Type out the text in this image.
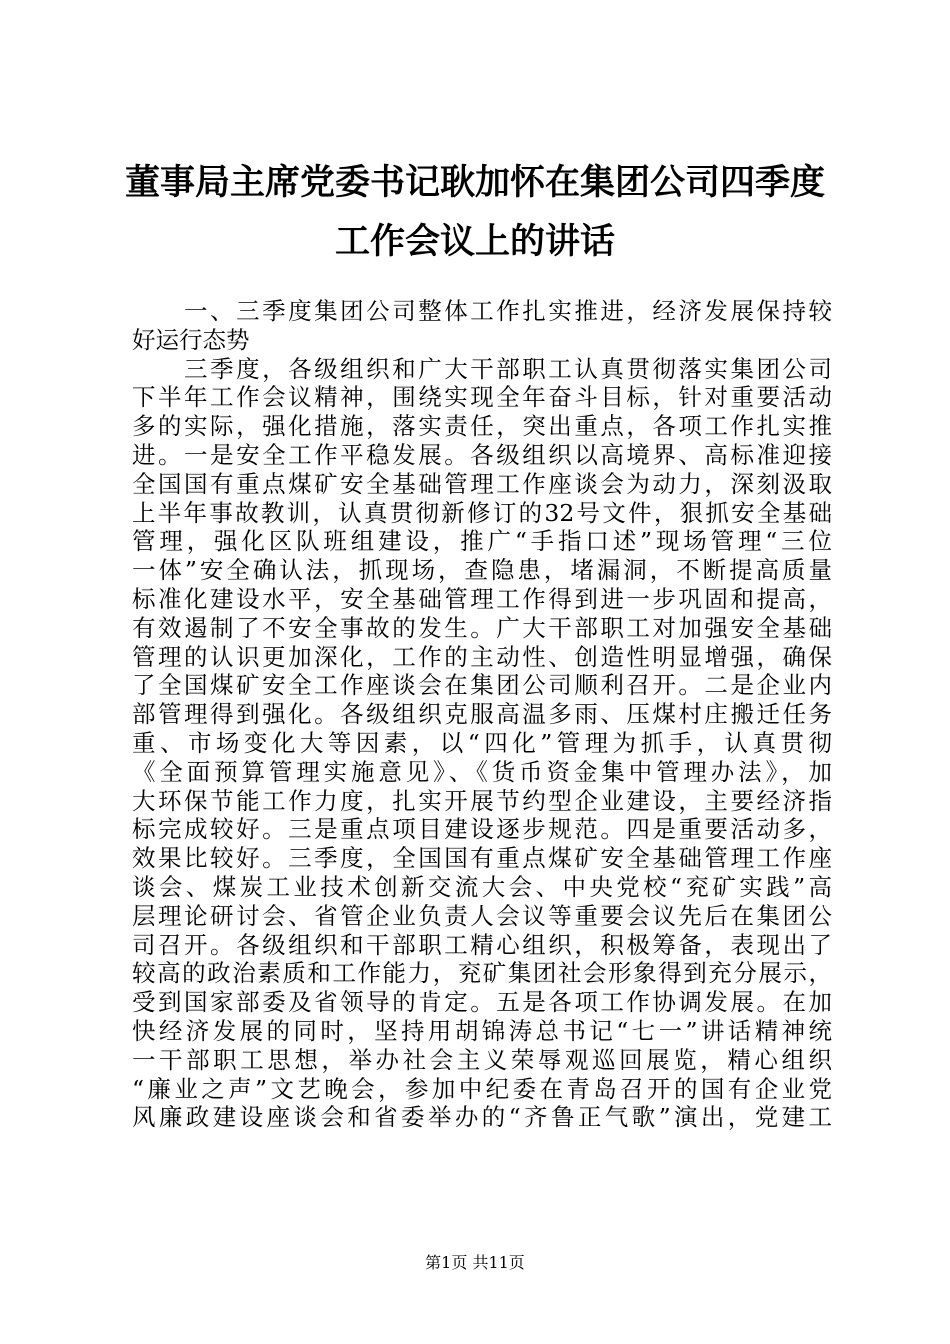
董事局主席党委书记耿加怀在集团公司四季度
工作会议上的讲话
　　一、三季度集团公司整体工作扎实推进，经济发展保持较
好运行态势
　　三季度，各级组织和广大干部职工认真贯彻落实集团公司
下半年工作会议精神，围绕实现全年奋斗目标，针对重要活动
多的实际，强化措施，落实责任，突出重点，各项工作扎实推
进。一是安全工作平稳发展。各级组织以高境界、高标准迎接
全国国有重点煤矿安全基础管理工作座谈会为动力，深刻汲取
上半年事故教训，认真贯彻新修订的32号文件，狠抓安全基础
管理，强化区队班组建设，推广“手指口述”现场管理“三位
一体”安全确认法，抓现场，查隐患，堵漏洞，不断提高质量
标准化建设水平，安全基础管理工作得到进一步巩固和提高，
有效遏制了不安全事故的发生。广大干部职工对加强安全基础
管理的认识更加深化，工作的主动性、创造性明显增强，确保
了全国煤矿安全工作座谈会在集团公司顺利召开。二是企业内
部管理得到强化。各级组织克服高温多雨、压煤村庄搬迁任务
重、市场变化大等因素，以“四化”管理为抓手，认真贯彻
《全面预算管理实施意见》、《货币资金集中管理办法》，加
大环保节能工作力度，扎实开展节约型企业建设，主要经济指
标完成较好。三是重点项目建设逐步规范。四是重要活动多，
效果比较好。三季度，全国国有重点煤矿安全基础管理工作座
谈会、煤炭工业技术创新交流大会、中央党校“兖矿实践”高
层理论研讨会、省管企业负责人会议等重要会议先后在集团公
司召开。各级组织和干部职工精心组织，积极筹备，表现出了
较高的政治素质和工作能力，兖矿集团社会形象得到充分展示，
受到国家部委及省领导的肯定。五是各项工作协调发展。在加
快经济发展的同时，坚持用胡锦涛总书记“七一”讲话精神统
一干部职工思想，举办社会主义荣辱观巡回展览，精心组织
“廉业之声”文艺晚会，参加中纪委在青岛召开的国有企业党
风廉政建设座谈会和省委举办的“齐鲁正气歌”演出，党建工
第1页 共11页
